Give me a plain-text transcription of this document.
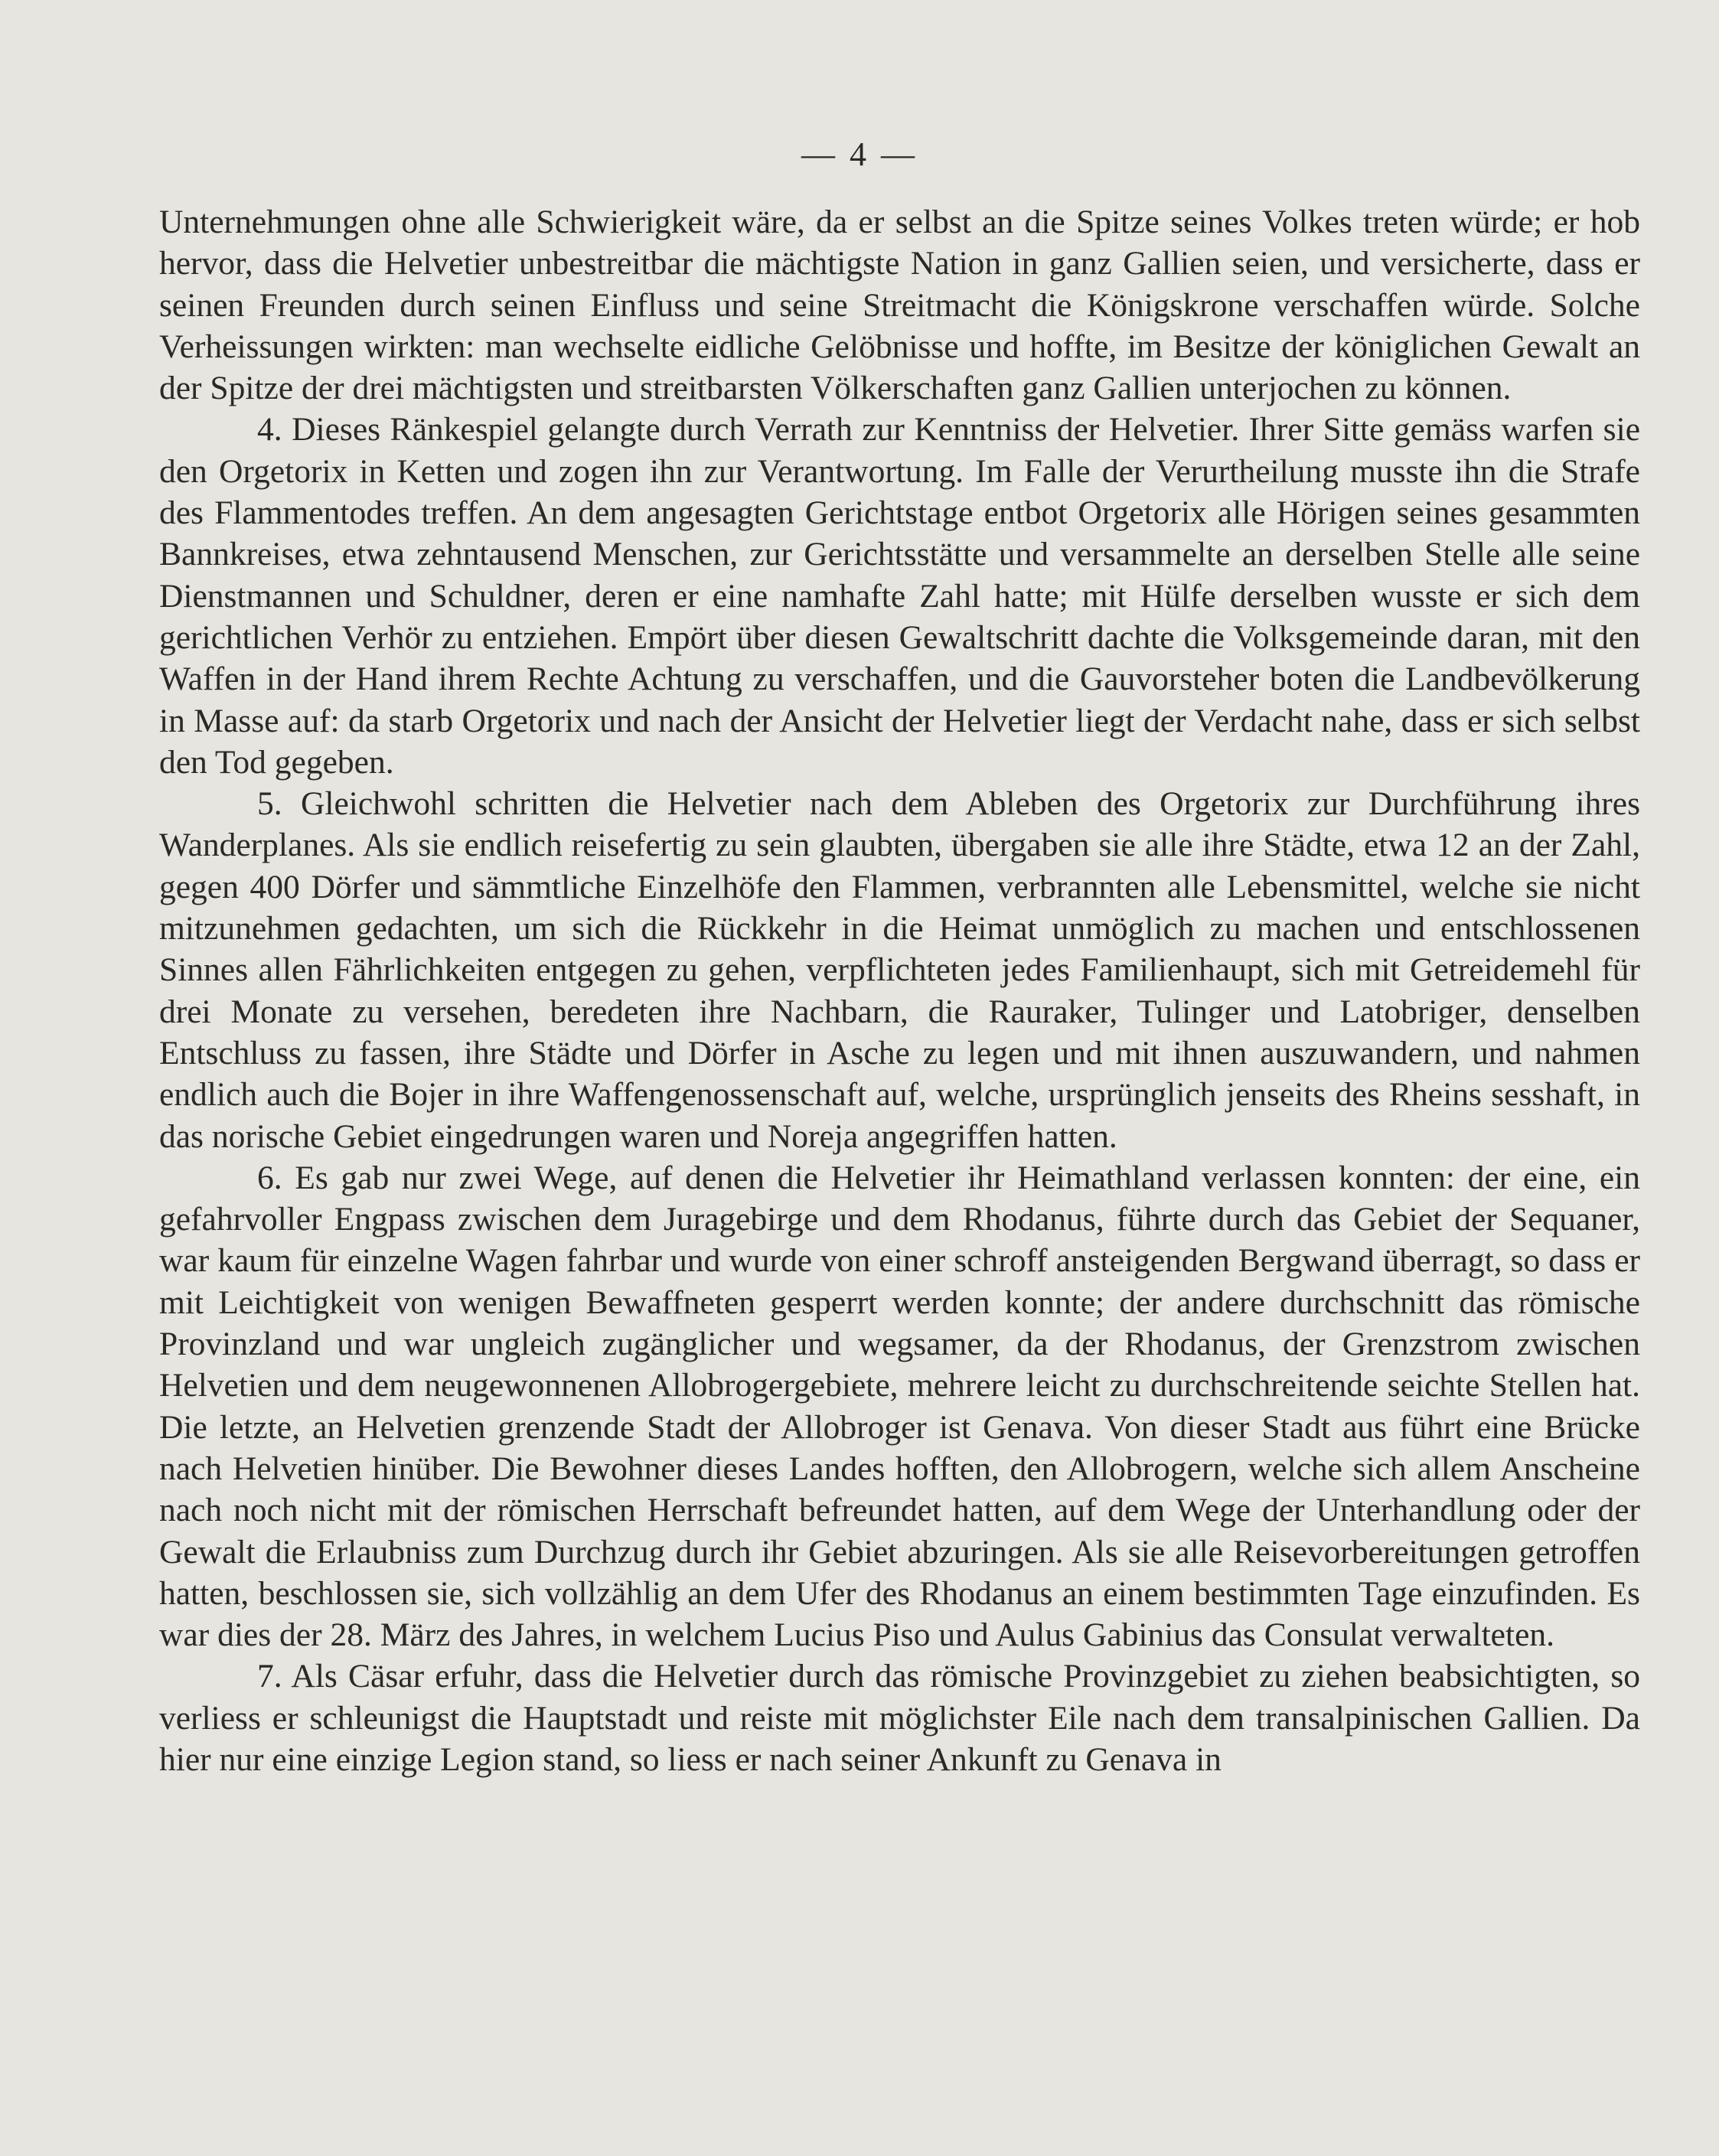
— 4 —

Unternehmungen ohne alle Schwierigkeit wäre, da er selbst an die Spitze seines Volkes treten würde; er hob hervor, dass die Helvetier unbestreitbar die mächtigste Nation in ganz Gallien seien, und versicherte, dass er seinen Freunden durch seinen Einfluss und seine Streitmacht die Königskrone verschaffen würde. Solche Verheissungen wirkten: man wechselte eidliche Gelöbnisse und hoffte, im Besitze der königlichen Gewalt an der Spitze der drei mächtigsten und streitbarsten Völkerschaften ganz Gallien unterjochen zu können.

4. Dieses Ränkespiel gelangte durch Verrath zur Kenntniss der Helvetier. Ihrer Sitte gemäss warfen sie den Orgetorix in Ketten und zogen ihn zur Verantwortung. Im Falle der Verurtheilung musste ihn die Strafe des Flammentodes treffen. An dem angesagten Gerichtstage entbot Orgetorix alle Hörigen seines gesammten Bannkreises, etwa zehntausend Menschen, zur Gerichtsstätte und versammelte an derselben Stelle alle seine Dienstmannen und Schuldner, deren er eine namhafte Zahl hatte; mit Hülfe derselben wusste er sich dem gerichtlichen Verhör zu entziehen. Empört über diesen Gewaltschritt dachte die Volksgemeinde daran, mit den Waffen in der Hand ihrem Rechte Achtung zu verschaffen, und die Gauvorsteher boten die Landbevölkerung in Masse auf: da starb Orgetorix und nach der Ansicht der Helvetier liegt der Verdacht nahe, dass er sich selbst den Tod gegeben.

5. Gleichwohl schritten die Helvetier nach dem Ableben des Orgetorix zur Durchführung ihres Wanderplanes. Als sie endlich reisefertig zu sein glaubten, übergaben sie alle ihre Städte, etwa 12 an der Zahl, gegen 400 Dörfer und sämmtliche Einzelhöfe den Flammen, verbrannten alle Lebensmittel, welche sie nicht mitzunehmen gedachten, um sich die Rückkehr in die Heimat unmöglich zu machen und entschlossenen Sinnes allen Fährlichkeiten entgegen zu gehen, verpflichteten jedes Familienhaupt, sich mit Getreidemehl für drei Monate zu versehen, beredeten ihre Nachbarn, die Rauraker, Tulinger und Latobriger, denselben Entschluss zu fassen, ihre Städte und Dörfer in Asche zu legen und mit ihnen auszuwandern, und nahmen endlich auch die Bojer in ihre Waffengenossenschaft auf, welche, ursprünglich jenseits des Rheins sesshaft, in das norische Gebiet eingedrungen waren und Noreja angegriffen hatten.

6. Es gab nur zwei Wege, auf denen die Helvetier ihr Heimathland verlassen konnten: der eine, ein gefahrvoller Engpass zwischen dem Juragebirge und dem Rhodanus, führte durch das Gebiet der Sequaner, war kaum für einzelne Wagen fahrbar und wurde von einer schroff ansteigenden Bergwand überragt, so dass er mit Leichtigkeit von wenigen Bewaffneten gesperrt werden konnte; der andere durchschnitt das römische Provinzland und war ungleich zugänglicher und wegsamer, da der Rhodanus, der Grenzstrom zwischen Helvetien und dem neugewonnenen Allobrogergebiete, mehrere leicht zu durchschreitende seichte Stellen hat. Die letzte, an Helvetien grenzende Stadt der Allobroger ist Genava. Von dieser Stadt aus führt eine Brücke nach Helvetien hinüber. Die Bewohner dieses Landes hofften, den Allobrogern, welche sich allem Anscheine nach noch nicht mit der römischen Herrschaft befreundet hatten, auf dem Wege der Unterhandlung oder der Gewalt die Erlaubniss zum Durchzug durch ihr Gebiet abzuringen. Als sie alle Reisevorbereitungen getroffen hatten, beschlossen sie, sich vollzählig an dem Ufer des Rhodanus an einem bestimmten Tage einzufinden. Es war dies der 28. März des Jahres, in welchem Lucius Piso und Aulus Gabinius das Consulat verwalteten.

7. Als Cäsar erfuhr, dass die Helvetier durch das römische Provinzgebiet zu ziehen beabsichtigten, so verliess er schleunigst die Hauptstadt und reiste mit möglichster Eile nach dem transalpinischen Gallien. Da hier nur eine einzige Legion stand, so liess er nach seiner Ankunft zu Genava in
